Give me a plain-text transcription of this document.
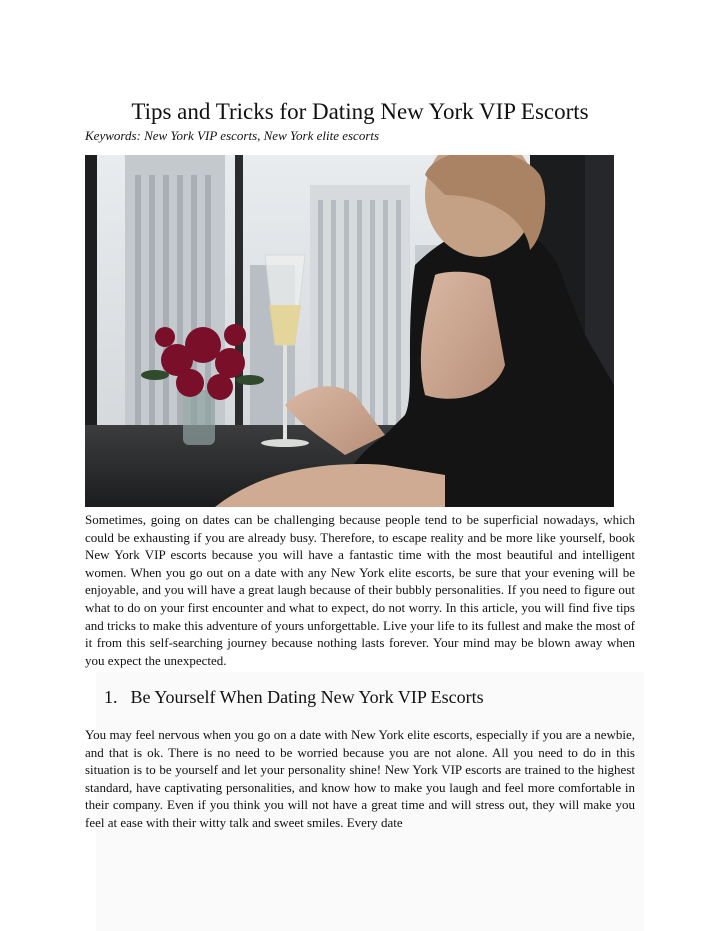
Tips and Tricks for Dating New York VIP Escorts
Keywords: New York VIP escorts, New York elite escorts

Sometimes, going on dates can be challenging because people tend to be superficial nowadays, which could be exhausting if you are already busy. Therefore, to escape reality and be more like yourself, book New York VIP escorts because you will have a fantastic time with the most beautiful and intelligent women. When you go out on a date with any New York elite escorts, be sure that your evening will be enjoyable, and you will have a great laugh because of their bubbly personalities. If you need to figure out what to do on your first encounter and what to expect, do not worry. In this article, you will find five tips and tricks to make this adventure of yours unforgettable. Live your life to its fullest and make the most of it from this self-searching journey because nothing lasts forever. Your mind may be blown away when you expect the unexpected.

1. Be Yourself When Dating New York VIP Escorts

You may feel nervous when you go on a date with New York elite escorts, especially if you are a newbie, and that is ok. There is no need to be worried because you are not alone. All you need to do in this situation is to be yourself and let your personality shine! New York VIP escorts are trained to the highest standard, have captivating personalities, and know how to make you laugh and feel more comfortable in their company. Even if you think you will not have a great time and will stress out, they will make you feel at ease with their witty talk and sweet smiles. Every date
